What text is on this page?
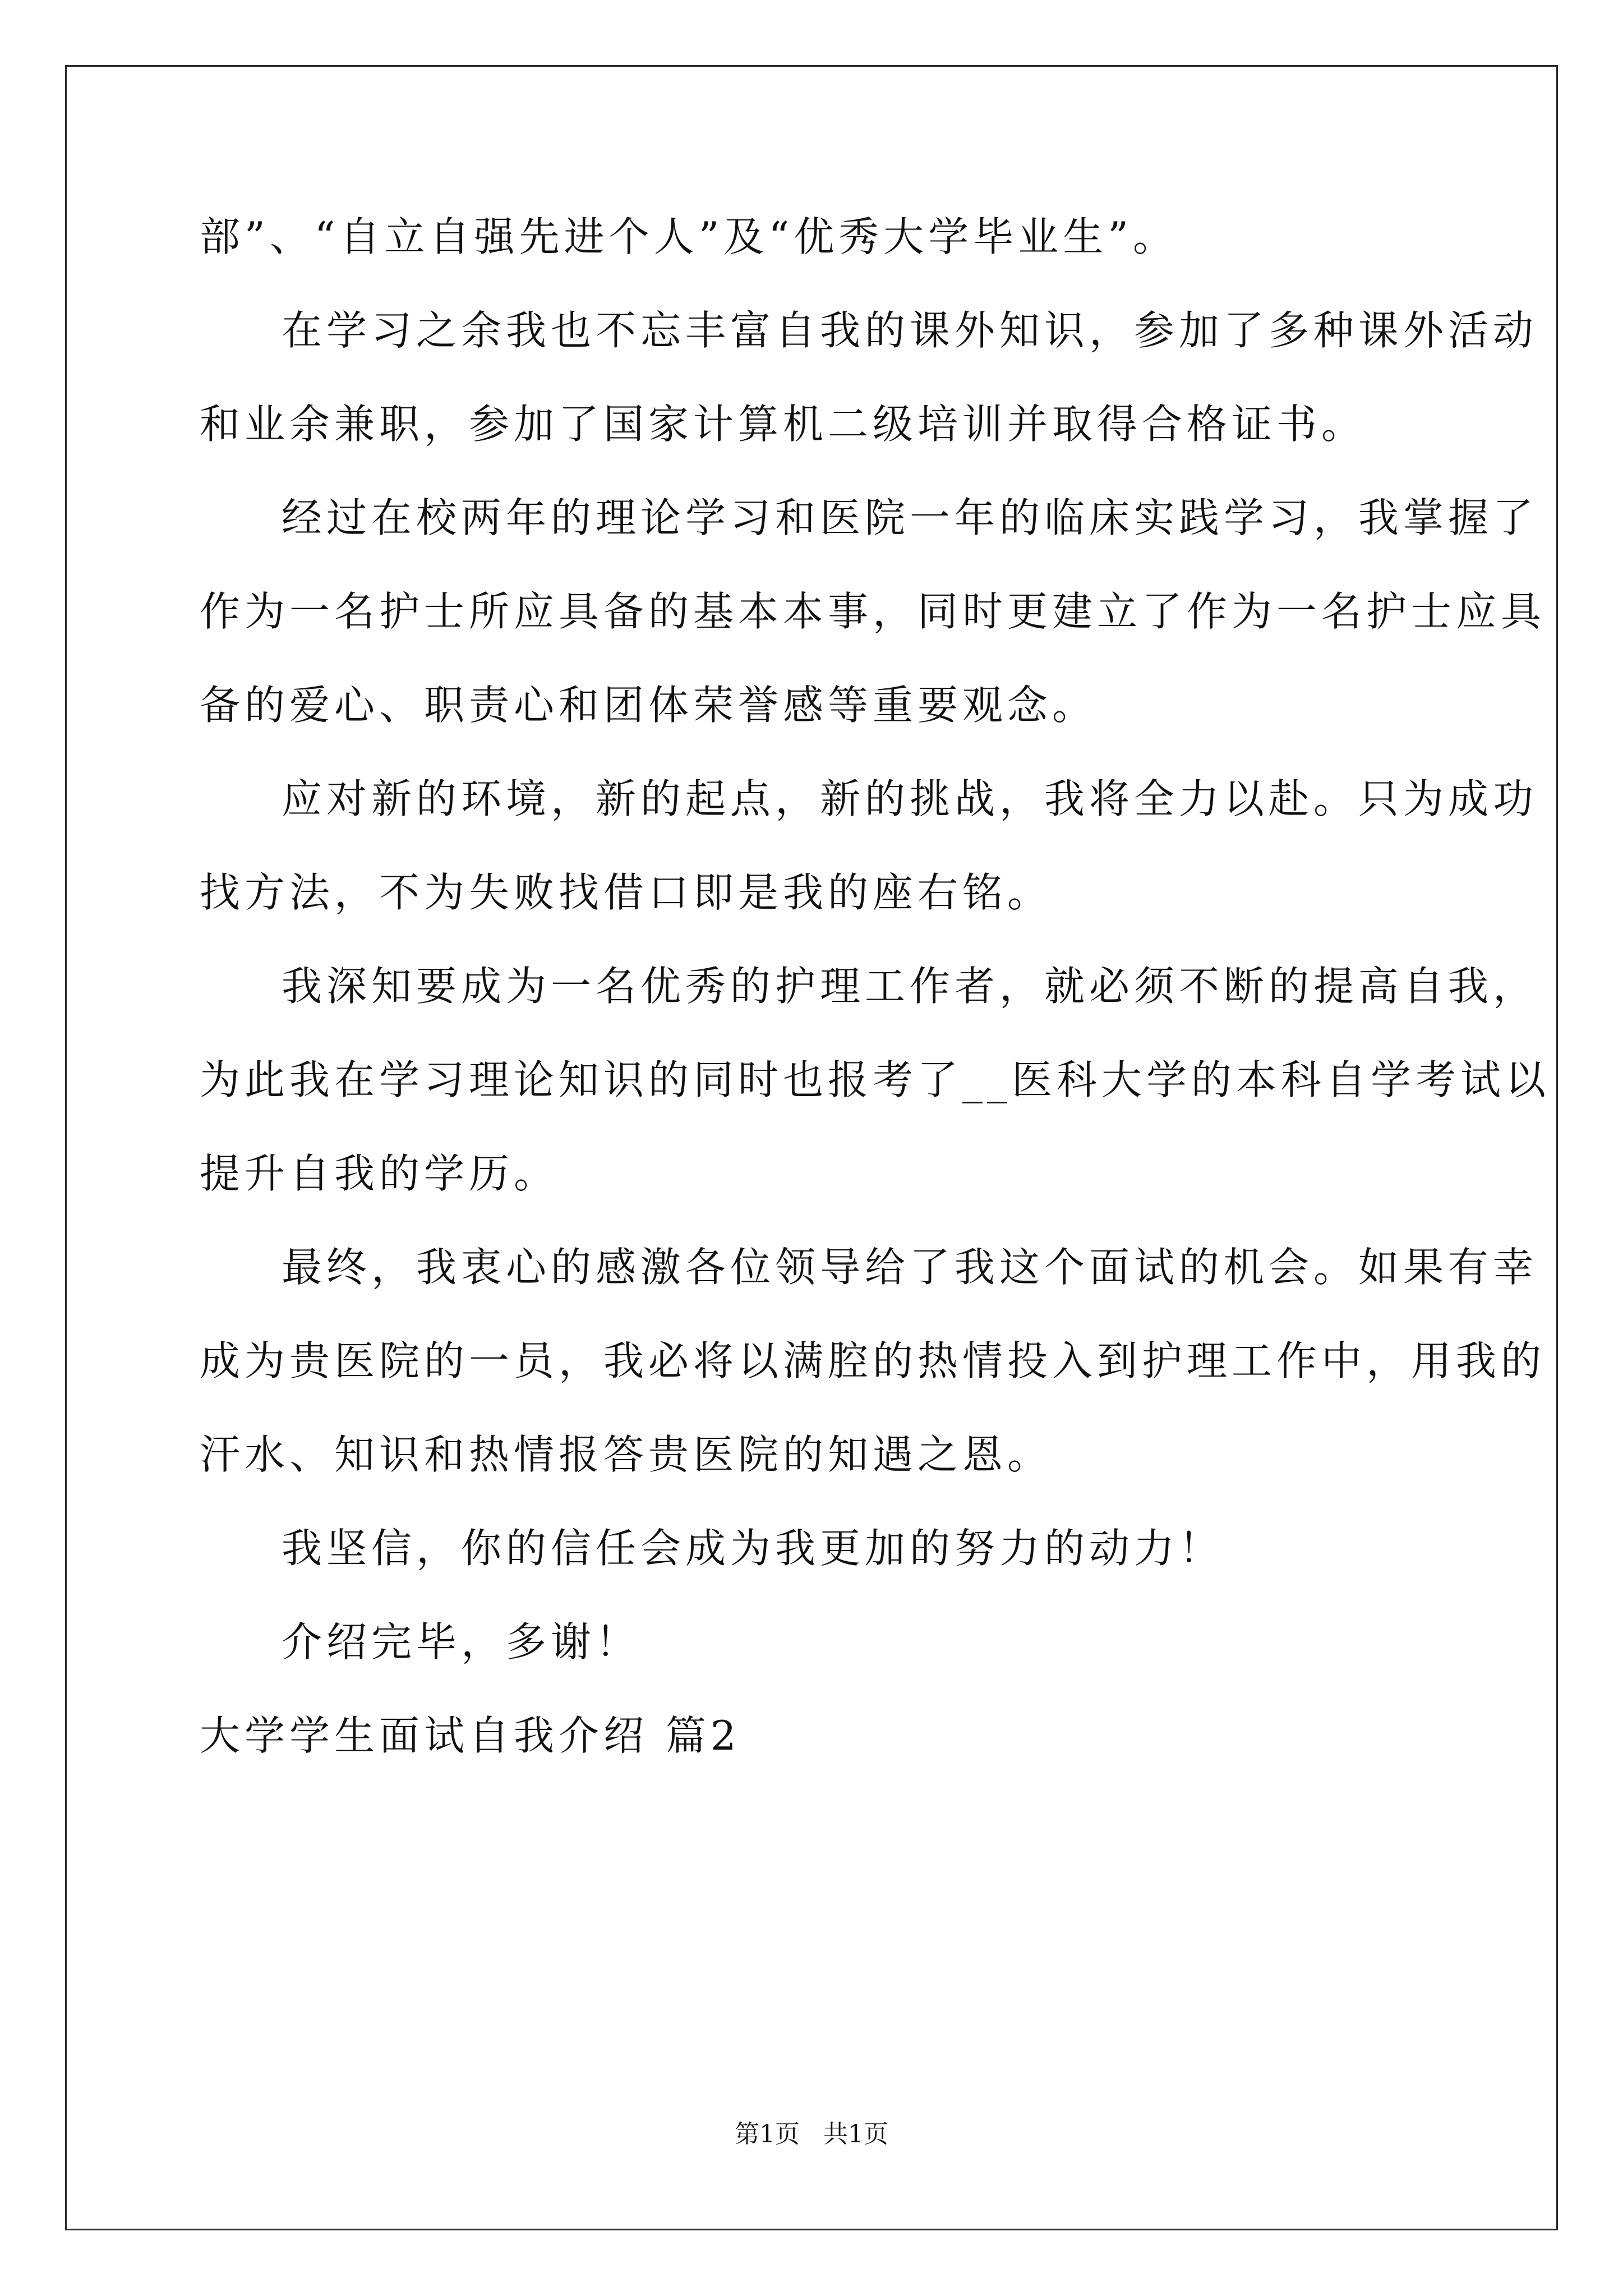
部”、“自立自强先进个人”及“优秀大学毕业生”。
在学习之余我也不忘丰富自我的课外知识，参加了多种课外活动
和业余兼职，参加了国家计算机二级培训并取得合格证书。
经过在校两年的理论学习和医院一年的临床实践学习，我掌握了
作为一名护士所应具备的基本本事，同时更建立了作为一名护士应具
备的爱心、职责心和团体荣誉感等重要观念。
应对新的环境，新的起点，新的挑战，我将全力以赴。只为成功
找方法，不为失败找借口即是我的座右铭。
我深知要成为一名优秀的护理工作者，就必须不断的提高自我，
为此我在学习理论知识的同时也报考了__医科大学的本科自学考试以
提升自我的学历。
最终，我衷心的感激各位领导给了我这个面试的机会。如果有幸
成为贵医院的一员，我必将以满腔的热情投入到护理工作中，用我的
汗水、知识和热情报答贵医院的知遇之恩。
我坚信，你的信任会成为我更加的努力的动力！
介绍完毕，多谢！
大学学生面试自我介绍 篇2
第1页   共1页
